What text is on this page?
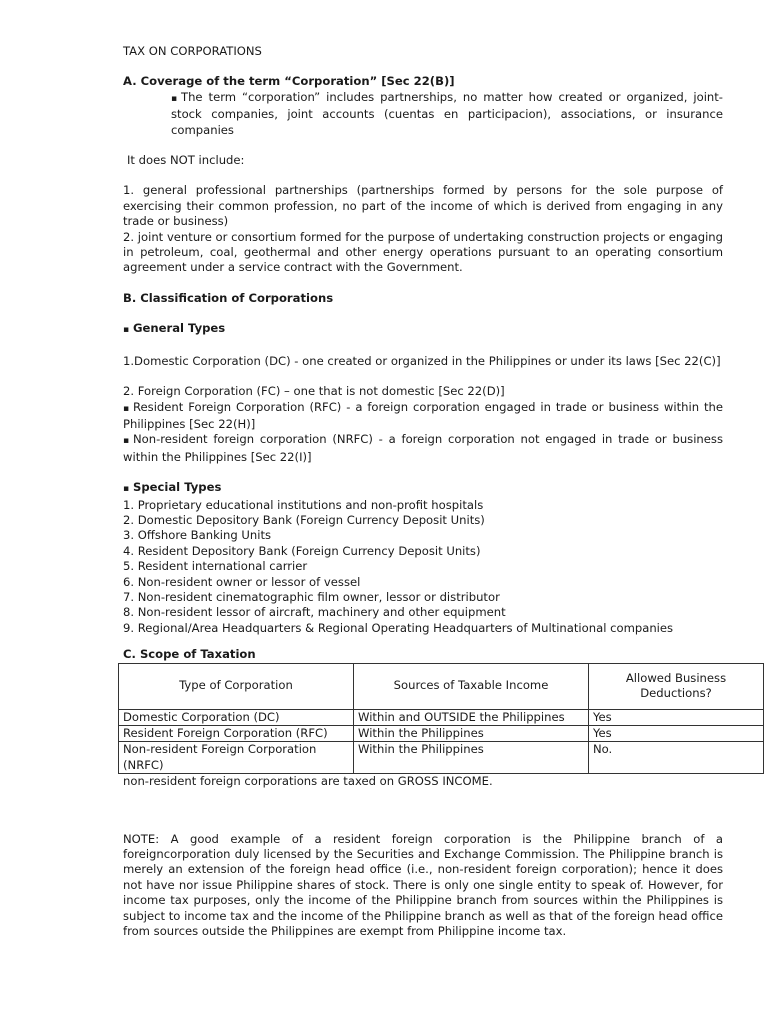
TAX ON CORPORATIONS
A. Coverage of the term “Corporation” [Sec 22(B)]
▪ The term “corporation” includes partnerships, no matter how created or organized, joint-stock companies, joint accounts (cuentas en participacion), associations, or insurance companies
It does NOT include:
1. general professional partnerships (partnerships formed by persons for the sole purpose of exercising their common profession, no part of the income of which is derived from engaging in any trade or business)
2. joint venture or consortium formed for the purpose of undertaking construction projects or engaging in petroleum, coal, geothermal and other energy operations pursuant to an operating consortium agreement under a service contract with the Government.
B. Classification of Corporations
▪ General Types
1.Domestic Corporation (DC) - one created or organized in the Philippines or under its laws [Sec 22(C)]
2. Foreign Corporation (FC) – one that is not domestic [Sec 22(D)]
▪ Resident Foreign Corporation (RFC) - a foreign corporation engaged in trade or business within the Philippines [Sec 22(H)]
▪ Non-resident foreign corporation (NRFC) - a foreign corporation not engaged in trade or business within the Philippines [Sec 22(I)]
▪ Special Types
1. Proprietary educational institutions and non-profit hospitals
2. Domestic Depository Bank (Foreign Currency Deposit Units)
3. Offshore Banking Units
4. Resident Depository Bank (Foreign Currency Deposit Units)
5. Resident international carrier
6. Non-resident owner or lessor of vessel
7. Non-resident cinematographic film owner, lessor or distributor
8. Non-resident lessor of aircraft, machinery and other equipment
9. Regional/Area Headquarters & Regional Operating Headquarters of Multinational companies
C. Scope of Taxation
Type of Corporation	Sources of Taxable Income	Allowed Business Deductions?
Domestic Corporation (DC)	Within and OUTSIDE the Philippines	Yes
Resident Foreign Corporation (RFC)	Within the Philippines	Yes
Non-resident Foreign Corporation (NRFC)	Within the Philippines	No.
non-resident foreign corporations are taxed on GROSS INCOME.
NOTE: A good example of a resident foreign corporation is the Philippine branch of a foreigncorporation duly licensed by the Securities and Exchange Commission. The Philippine branch is merely an extension of the foreign head office (i.e., non-resident foreign corporation); hence it does not have nor issue Philippine shares of stock. There is only one single entity to speak of. However, for income tax purposes, only the income of the Philippine branch from sources within the Philippines is subject to income tax and the income of the Philippine branch as well as that of the foreign head office from sources outside the Philippines are exempt from Philippine income tax.
